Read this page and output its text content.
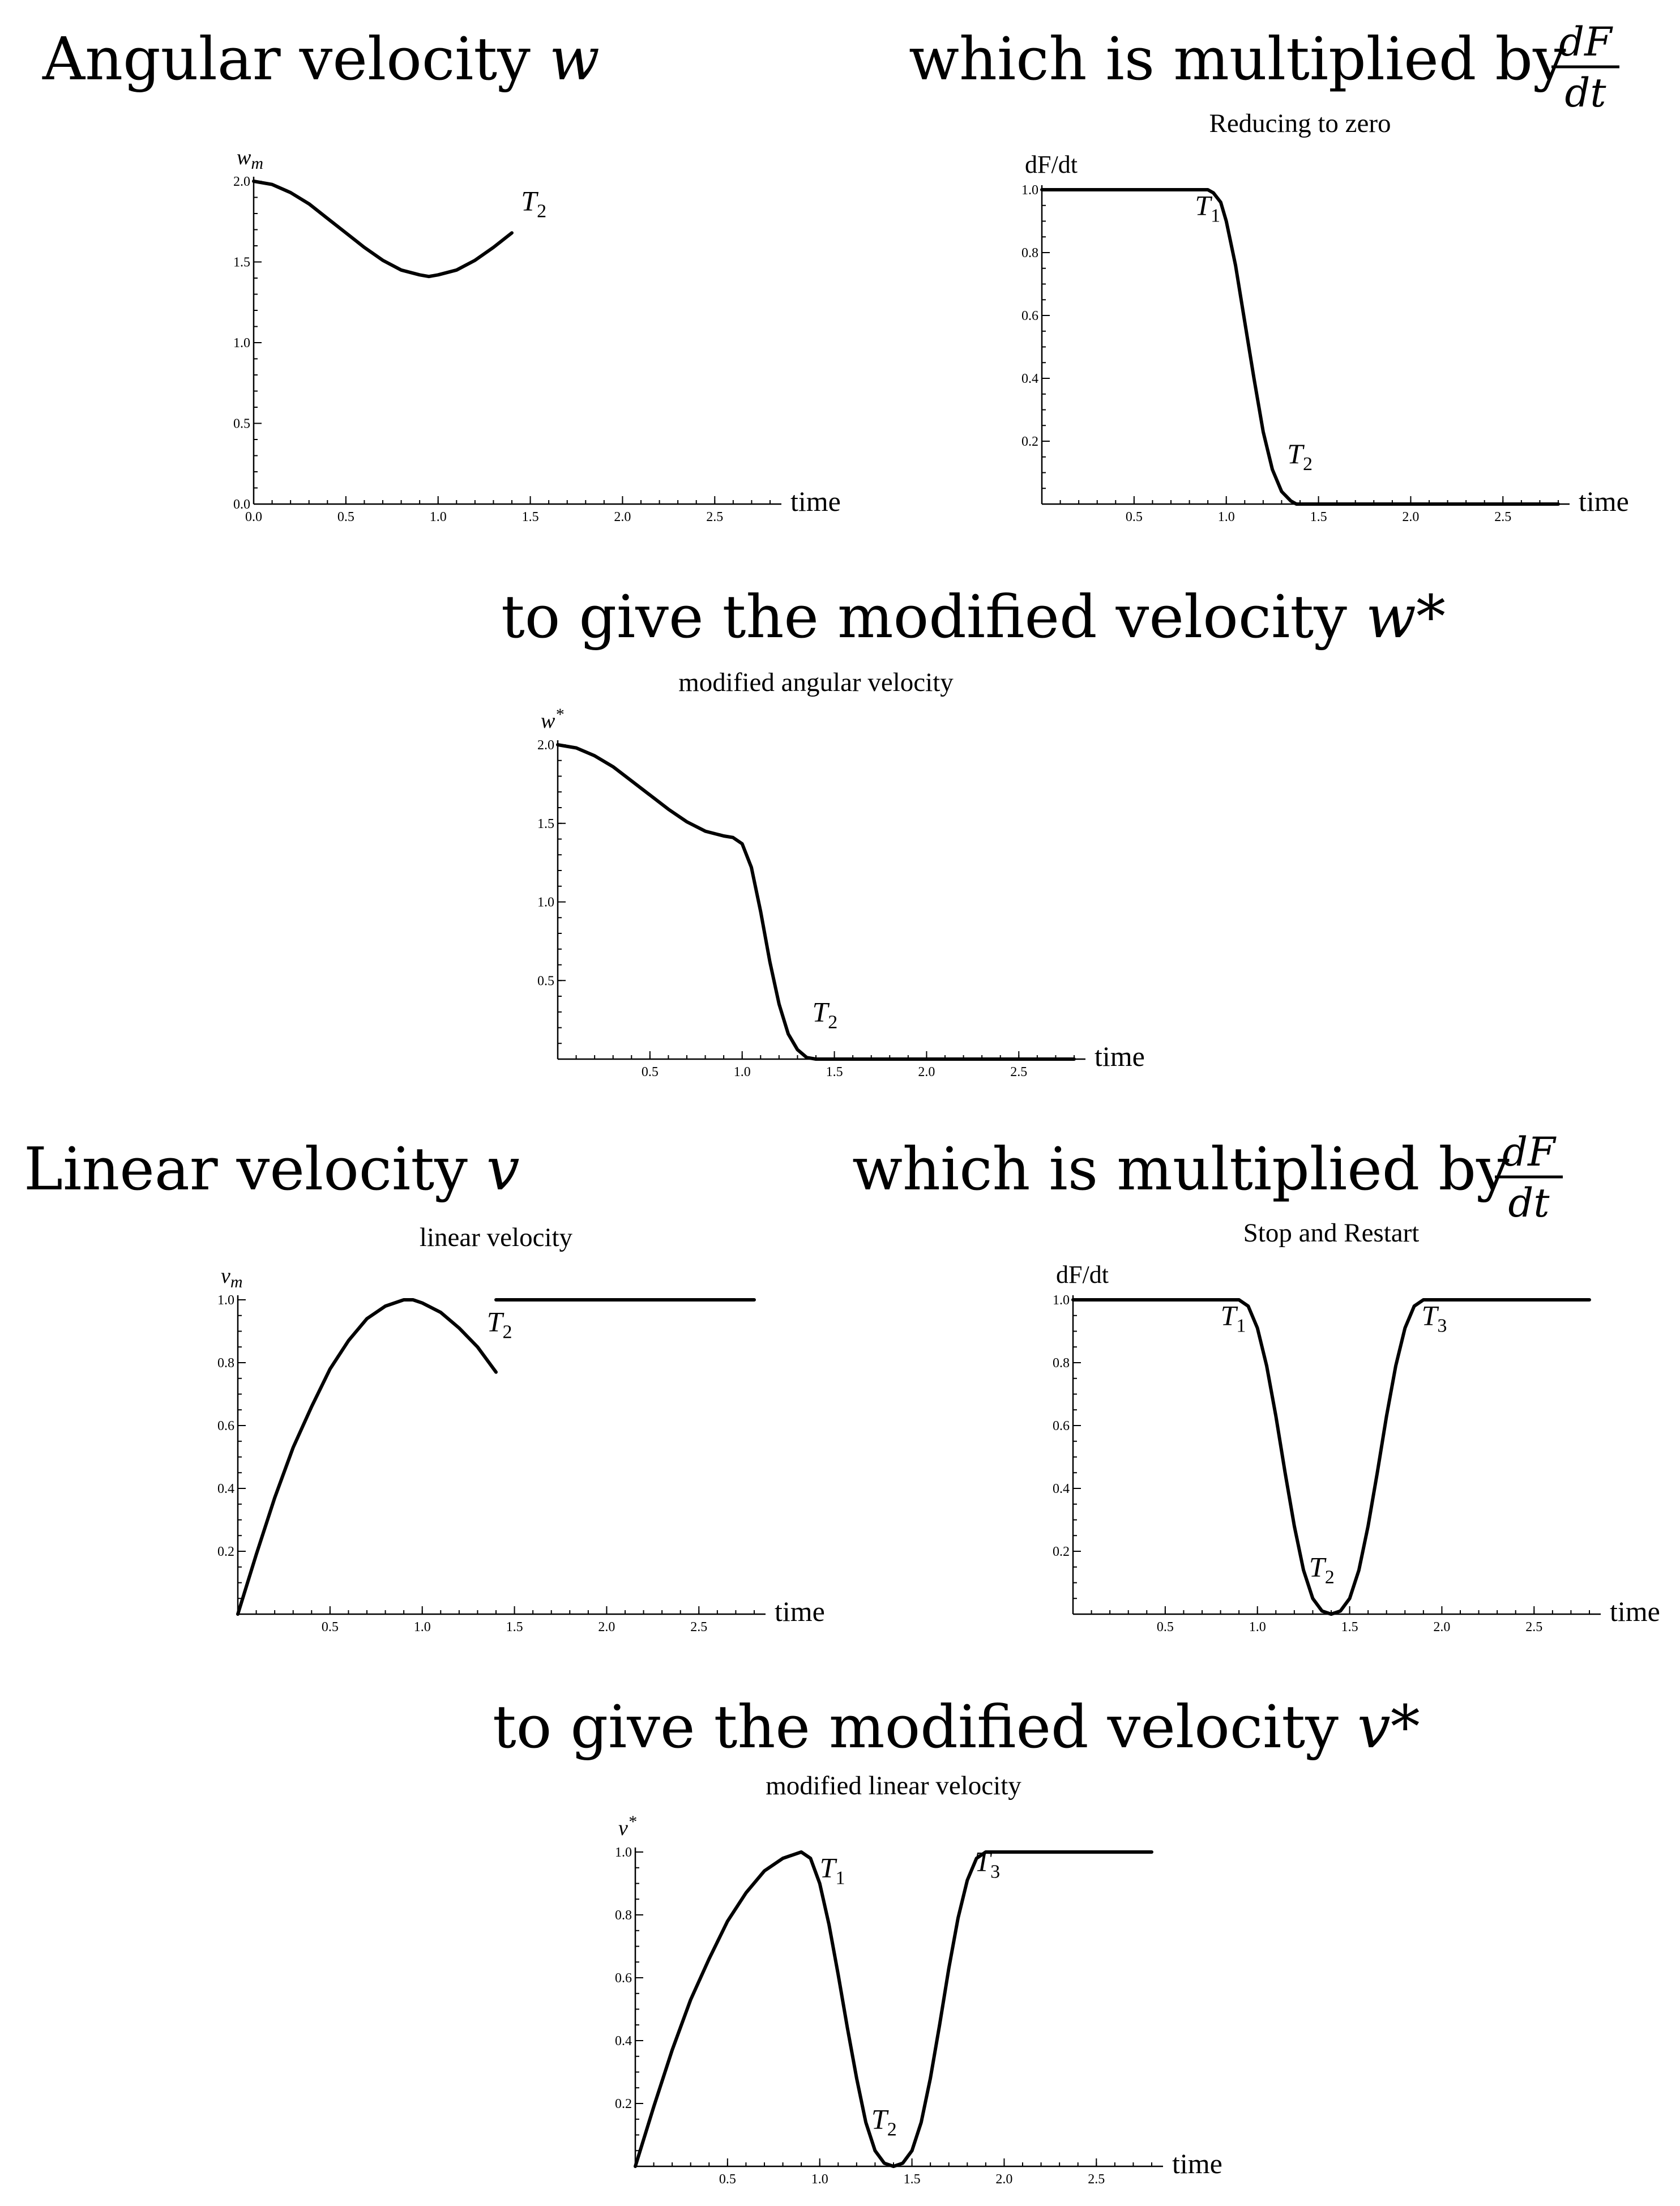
Angular velocity w	which is multiplied by
dF
dt
to give the modified velocity w*
Linear velocity v	which is multiplied by
dF
dt
to give the modified velocity v*
0.0	0.5	1.0	1.5	2.0	2.5
0.0
0.5
1.0
1.5
2.0
time
$w_m$
$T_2$
0.5	1.0	1.5	2.0	2.5
0.2
0.4
0.6
0.8
1.0
time
dF/dt
Reducing to zero
$T_1$
$T_2$
0.5	1.0	1.5	2.0	2.5
0.5
1.0
1.5
2.0
time
w*
modified angular velocity
$T_2$
0.5	1.0	1.5	2.0	2.5
0.2
0.4
0.6
0.8
1.0
time
$v_m$
linear velocity
$T_2$
0.5	1.0	1.5	2.0	2.5
0.2
0.4
0.6
0.8
1.0
time
dF/dt
Stop and Restart
$T_1$
$T_2$
$T_3$
0.5	1.0	1.5	2.0	2.5
0.2
0.4
0.6
0.8
1.0
time
v*
modified linear velocity
$T_1$
$T_2$
$T_3$
